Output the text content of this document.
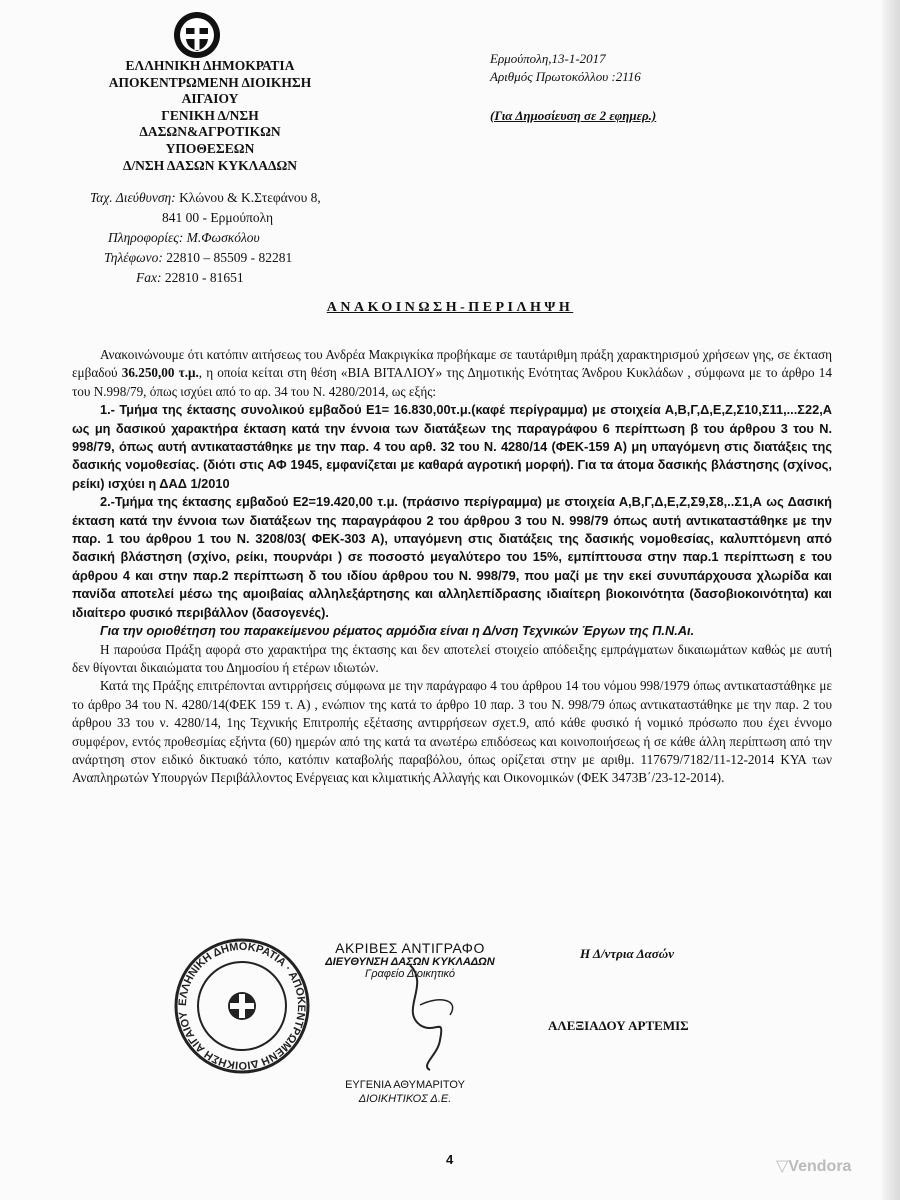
ΕΛΛΗΝΙΚΗ ΔΗΜΟΚΡΑΤΙΑ
ΑΠΟΚΕΝΤΡΩΜΕΝΗ ΔΙΟΙΚΗΣΗ
ΑΙΓΑΙΟΥ
ΓΕΝΙΚΗ Δ/ΝΣΗ
ΔΑΣΩΝ&ΑΓΡΟΤΙΚΩΝ
ΥΠΟΘΕΣΕΩΝ
Δ/ΝΣΗ ΔΑΣΩΝ ΚΥΚΛΑΔΩΝ
Ταχ. Διεύθυνση: Κλώνου & Κ.Στεφάνου 8,
841 00 - Ερμούπολη
Πληροφορίες: Μ.Φωσκόλου
Τηλέφωνο: 22810 – 85509 - 82281
Fax: 22810 - 81651
Ερμούπολη,13-1-2017
Αριθμός Πρωτοκόλλου :2116
(Για Δημοσίευση σε 2 εφημερ.)
ΑΝΑΚΟΙΝΩΣΗ-ΠΕΡΙΛΗΨΗ

Ανακοινώνουμε ότι κατόπιν αιτήσεως του Ανδρέα Μακριγκίκα προβήκαμε σε ταυτάριθμη πράξη χαρακτηρισμού χρήσεων γης, σε έκταση εμβαδού 36.250,00 τ.μ., η οποία κείται στη θέση «ΒΙΑ ΒΙΤΑΛΙΟΥ» της Δημοτικής Ενότητας Άνδρου Κυκλάδων , σύμφωνα με το άρθρο 14 του Ν.998/79, όπως ισχύει από το αρ. 34 του Ν. 4280/2014, ως εξής:

1.- Τμήμα της έκτασης συνολικού εμβαδού Ε1= 16.830,00τ.μ.(καφέ περίγραμμα) με στοιχεία Α,Β,Γ,Δ,Ε,Ζ,Σ10,Σ11,...Σ22,Α ως μη δασικού χαρακτήρα έκταση κατά την έννοια των διατάξεων της παραγράφου 6 περίπτωση β του άρθρου 3 του Ν. 998/79, όπως αυτή αντικαταστάθηκε με την παρ. 4 του αρθ. 32 του Ν. 4280/14 (ΦΕΚ-159 Α) μη υπαγόμενη στις διατάξεις της δασικής νομοθεσίας. (διότι στις ΑΦ 1945, εμφανίζεται με καθαρά αγροτική μορφή). Για τα άτομα δασικής βλάστησης (σχίνος, ρείκι) ισχύει η ΔΑΔ 1/2010

2.-Τμήμα της έκτασης εμβαδού Ε2=19.420,00 τ.μ. (πράσινο περίγραμμα) με στοιχεία Α,Β,Γ,Δ,Ε,Ζ,Σ9,Σ8,..Σ1,Α ως Δασική έκταση κατά την έννοια των διατάξεων της παραγράφου 2 του άρθρου 3 του Ν. 998/79 όπως αυτή αντικαταστάθηκε με την παρ. 1 του άρθρου 1 του Ν. 3208/03( ΦΕΚ-303 Α), υπαγόμενη στις διατάξεις της δασικής νομοθεσίας, καλυπτόμενη από δασική βλάστηση (σχίνο, ρείκι, πουρνάρι ) σε ποσοστό μεγαλύτερο του 15%, εμπίπτουσα στην παρ.1 περίπτωση ε του άρθρου 4 και στην παρ.2 περίπτωση δ του ιδίου άρθρου του Ν. 998/79, που μαζί με την εκεί συνυπάρχουσα χλωρίδα και πανίδα αποτελεί μέσω της αμοιβαίας αλληλεξάρτησης και αλληλεπίδρασης ιδιαίτερη βιοκοινότητα (δασοβιοκοινότητα) και ιδιαίτερο φυσικό περιβάλλον (δασογενές).

Για την οριοθέτηση του παρακείμενου ρέματος αρμόδια είναι η Δ/νση Τεχνικών Έργων της Π.Ν.Αι.

Η παρούσα Πράξη αφορά στο χαρακτήρα της έκτασης και δεν αποτελεί στοιχείο απόδειξης εμπράγματων δικαιωμάτων καθώς με αυτή δεν θίγονται δικαιώματα του Δημοσίου ή ετέρων ιδιωτών.

Κατά της Πράξης επιτρέπονται αντιρρήσεις σύμφωνα με την παράγραφο 4 του άρθρου 14 του νόμου 998/1979 όπως αντικαταστάθηκε με το άρθρο 34 του Ν. 4280/14(ΦΕΚ 159 τ. Α) , ενώπιον της κατά το άρθρο 10 παρ. 3 του Ν. 998/79 όπως αντικαταστάθηκε με την παρ. 2 του άρθρου 33 του ν. 4280/14, 1ης Τεχνικής Επιτροπής εξέτασης αντιρρήσεων σχετ.9, από κάθε φυσικό ή νομικό πρόσωπο που έχει έννομο συμφέρον, εντός προθεσμίας εξήντα (60) ημερών από της κατά τα ανωτέρω επιδόσεως και κοινοποιήσεως ή σε κάθε άλλη περίπτωση από την ανάρτηση στον ειδικό δικτυακό τόπο, κατόπιν καταβολής παραβόλου, όπως ορίζεται στην με αριθμ. 117679/7182/11-12-2014 ΚΥΑ των Αναπληρωτών Υπουργών Περιβάλλοντος Ενέργειας και κλιματικής Αλλαγής και Οικονομικών (ΦΕΚ 3473Β΄/23-12-2014).

ΕΛΛΗΝΙΚΗ ΔΗΜΟΚΡΑΤΙΑ · ΑΠΟΚΕΝΤΡΩΜΕΝΗ ΔΙΟΙΚΗΣΗ ΑΙΓΑΙΟΥ
ΑΚΡΙΒΕΣ ΑΝΤΙΓΡΑΦΟ
ΔΙΕΥΘΥΝΣΗ ΔΑΣΩΝ ΚΥΚΛΑΔΩΝ
Γραφείο Διοικητικό
ΕΥΓΕΝΙΑ ΑΘΥΜΑΡΙΤΟΥ
ΔΙΟΙΚΗΤΙΚΟΣ Δ.Ε.
Η Δ/ντρια Δασών
ΑΛΕΞΙΑΔΟΥ ΑΡΤΕΜΙΣ
4	▽Vendora
